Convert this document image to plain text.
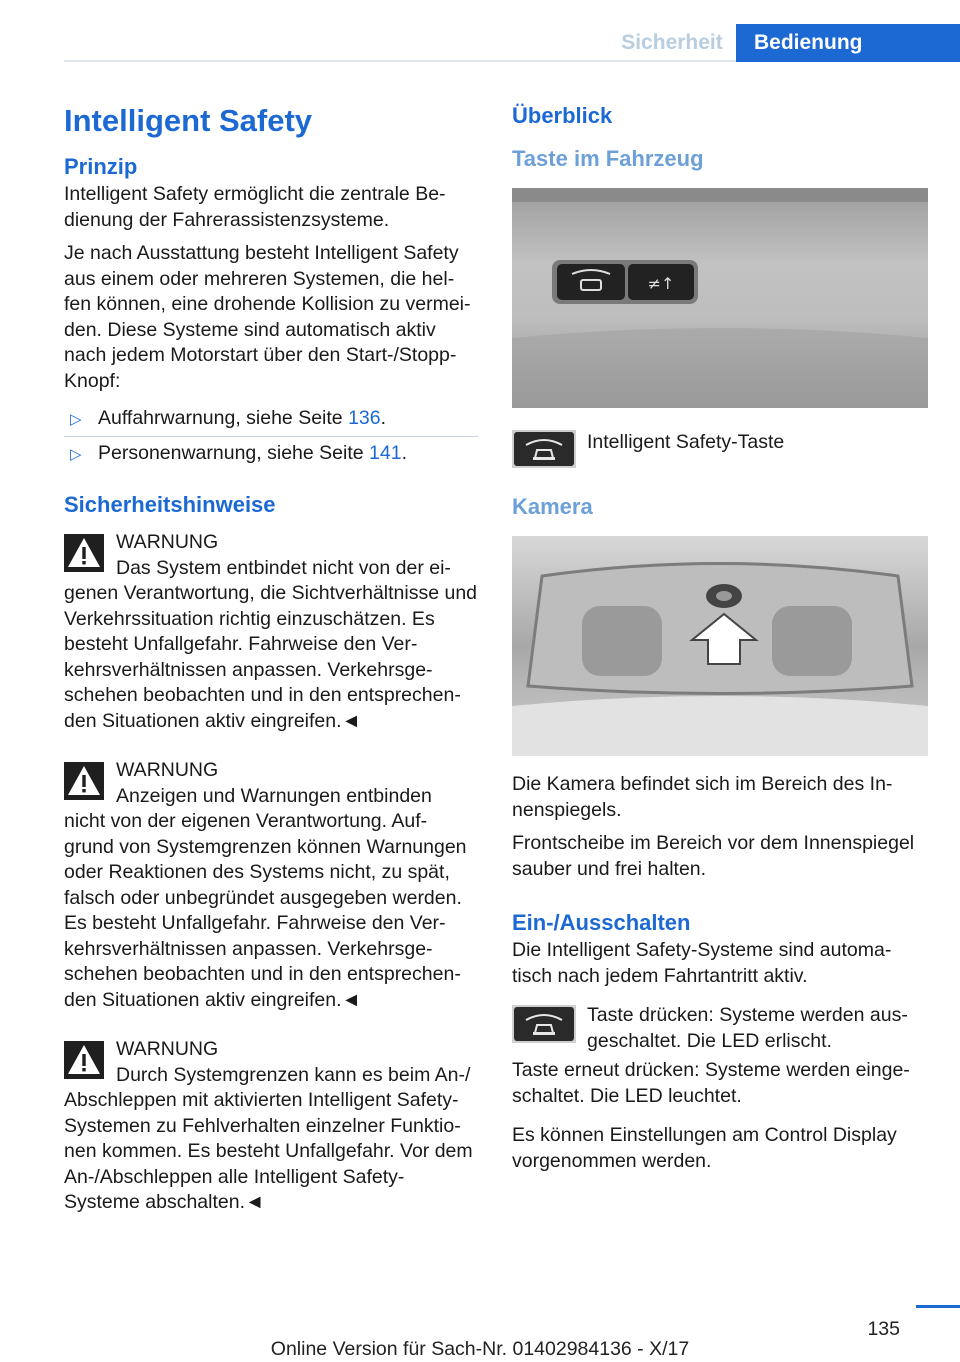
Sicherheit	Bedienung
Intelligent Safety
Prinzip

Intelligent Safety ermöglicht die zentrale Be‑ dienung der Fahrerassistenzsysteme.

Je nach Ausstattung besteht Intelligent Safety aus einem oder mehreren Systemen, die hel‑ fen können, eine drohende Kollision zu vermei‑ den. Diese Systeme sind automatisch aktiv nach jedem Motorstart über den Start‑/Stopp‑ Knopf:

▷ Auffahrwarnung, siehe Seite 136.
▷ Personenwarnung, siehe Seite 141.
Sicherheitshinweise
WARNUNG
Das System entbindet nicht von der ei‑
genen Verantwortung, die Sichtverhältnisse und Verkehrssituation richtig einzuschätzen. Es besteht Unfallgefahr. Fahrweise den Ver‑ kehrsverhältnissen anpassen. Verkehrsge‑ schehen beobachten und in den entsprechen‑ den Situationen aktiv eingreifen.◄
WARNUNG
Anzeigen und Warnungen entbinden
nicht von der eigenen Verantwortung. Auf‑ grund von Systemgrenzen können Warnungen oder Reaktionen des Systems nicht, zu spät, falsch oder unbegründet ausgegeben werden. Es besteht Unfallgefahr. Fahrweise den Ver‑ kehrsverhältnissen anpassen. Verkehrsge‑ schehen beobachten und in den entsprechen‑ den Situationen aktiv eingreifen.◄
WARNUNG
Durch Systemgrenzen kann es beim An‑/
Abschleppen mit aktivierten Intelligent Safety‑ Systemen zu Fehlverhalten einzelner Funktio‑ nen kommen. Es besteht Unfallgefahr. Vor dem An‑/Abschleppen alle Intelligent Safety‑ Systeme abschalten.◄
Überblick
Taste im Fahrzeug
≠↑
Intelligent Safety‑Taste
Kamera

Die Kamera befindet sich im Bereich des In‑ nenspiegels.

Frontscheibe im Bereich vor dem Innenspiegel sauber und frei halten.

Ein‑/Ausschalten

Die Intelligent Safety‑Systeme sind automa‑ tisch nach jedem Fahrtantritt aktiv.

Taste drücken: Systeme werden aus‑ geschaltet. Die LED erlischt.

Taste erneut drücken: Systeme werden einge‑ schaltet. Die LED leuchtet.

Es können Einstellungen am Control Display vorgenommen werden.

135
Online Version für Sach-Nr. 01402984136 - X/17
